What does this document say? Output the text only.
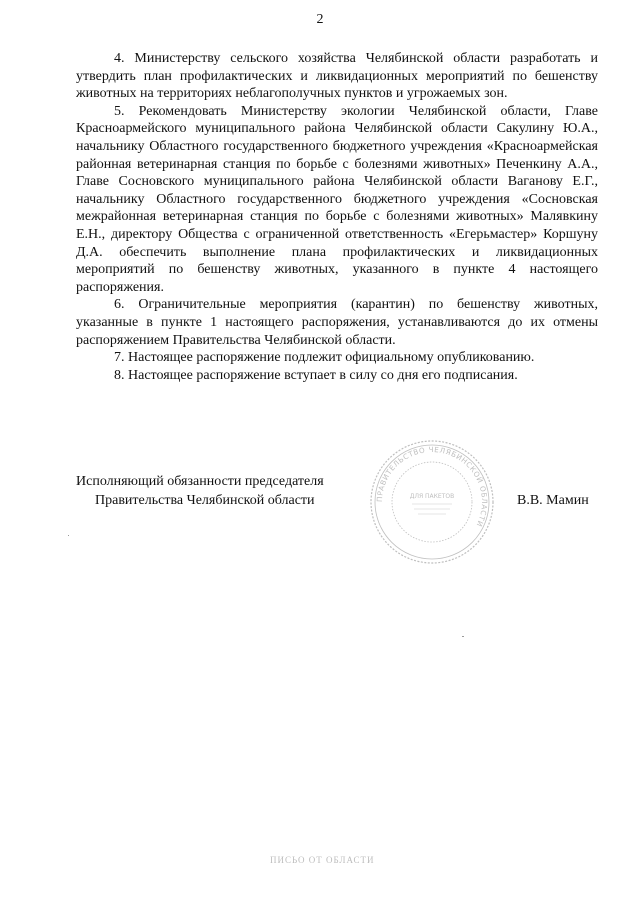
2

4. Министерству сельского хозяйства Челябинской области разработать и утвердить план профилактических и ликвидационных мероприятий по бешенству животных на территориях неблагополучных пунктов и угрожаемых зон.

5. Рекомендовать Министерству экологии Челябинской области, Главе Красноармейского муниципального района Челябинской области Сакулину Ю.А., начальнику Областного государственного бюджетного учреждения «Красноармейская районная ветеринарная станция по борьбе с болезнями животных» Печенкину А.А., Главе Сосновского муниципального района Челябинской области Ваганову Е.Г., начальнику Областного государственного бюджетного учреждения «Сосновская межрайонная ветеринарная станция по борьбе с болезнями животных» Малявкину Е.Н., директору Общества с ограниченной ответственность «Егерьмастер» Коршуну Д.А. обеспечить выполнение плана профилактических и ликвидационных мероприятий по бешенству животных, указанного в пункте 4 настоящего распоряжения.

6. Ограничительные мероприятия (карантин) по бешенству животных, указанные в пункте 1 настоящего распоряжения, устанавливаются до их отмены распоряжением Правительства Челябинской области.

7. Настоящее распоряжение подлежит официальному опубликованию.

8. Настоящее распоряжение вступает в силу со дня его подписания.

Исполняющий обязанности председателя
Правительства Челябинской области	В.В. Мамин
ПРАВИТЕЛЬСТВО ЧЕЛЯБИНСКОЙ ОБЛАСТИ
ДЛЯ ПАКЕТОВ
ПИСЬО ОТ ОБЛАСТИ
